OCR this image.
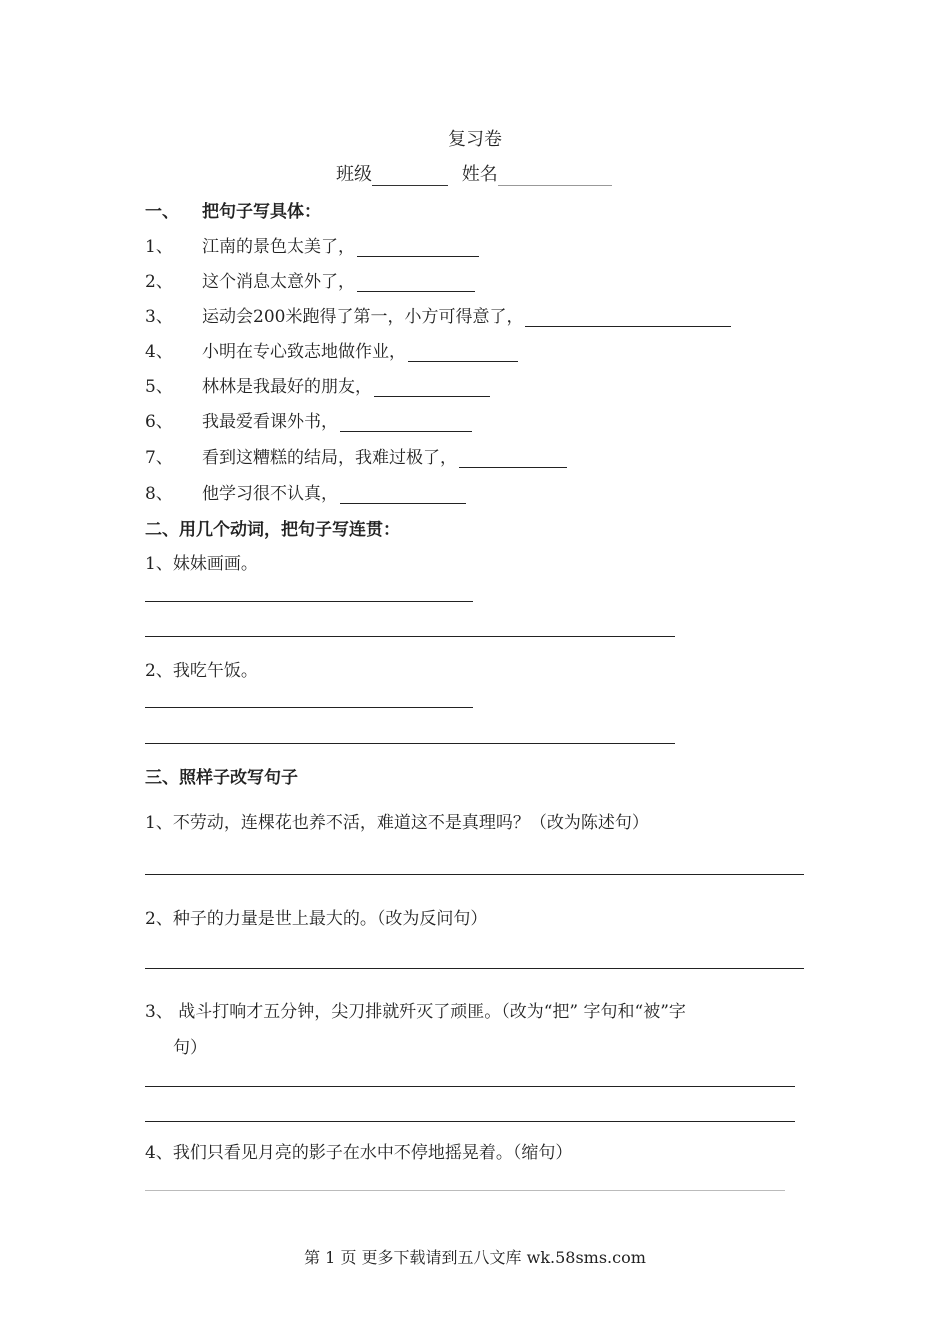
复习卷
班级	姓名
一、 把句子写具体：
1、 江南的景色太美了，
2、 这个消息太意外了，
3、 运动会200米跑得了第一，小方可得意了，
4、 小明在专心致志地做作业，
5、 林林是我最好的朋友，
6、 我最爱看课外书，
7、 看到这糟糕的结局，我难过极了，
8、 他学习很不认真，
二、用几个动词，把句子写连贯：
1、妹妹画画。
2、我吃午饭。
三、照样子改写句子
1、不劳动，连棵花也养不活，难道这不是真理吗？（改为陈述句）
2、种子的力量是世上最大的。（改为反问句）
3、 战斗打响才五分钟，尖刀排就歼灭了顽匪。（改为“把” 字句和“被”字
句）
4、我们只看见月亮的影子在水中不停地摇晃着。（缩句）
第 1 页 更多下载请到五八文库 wk.58sms.com
